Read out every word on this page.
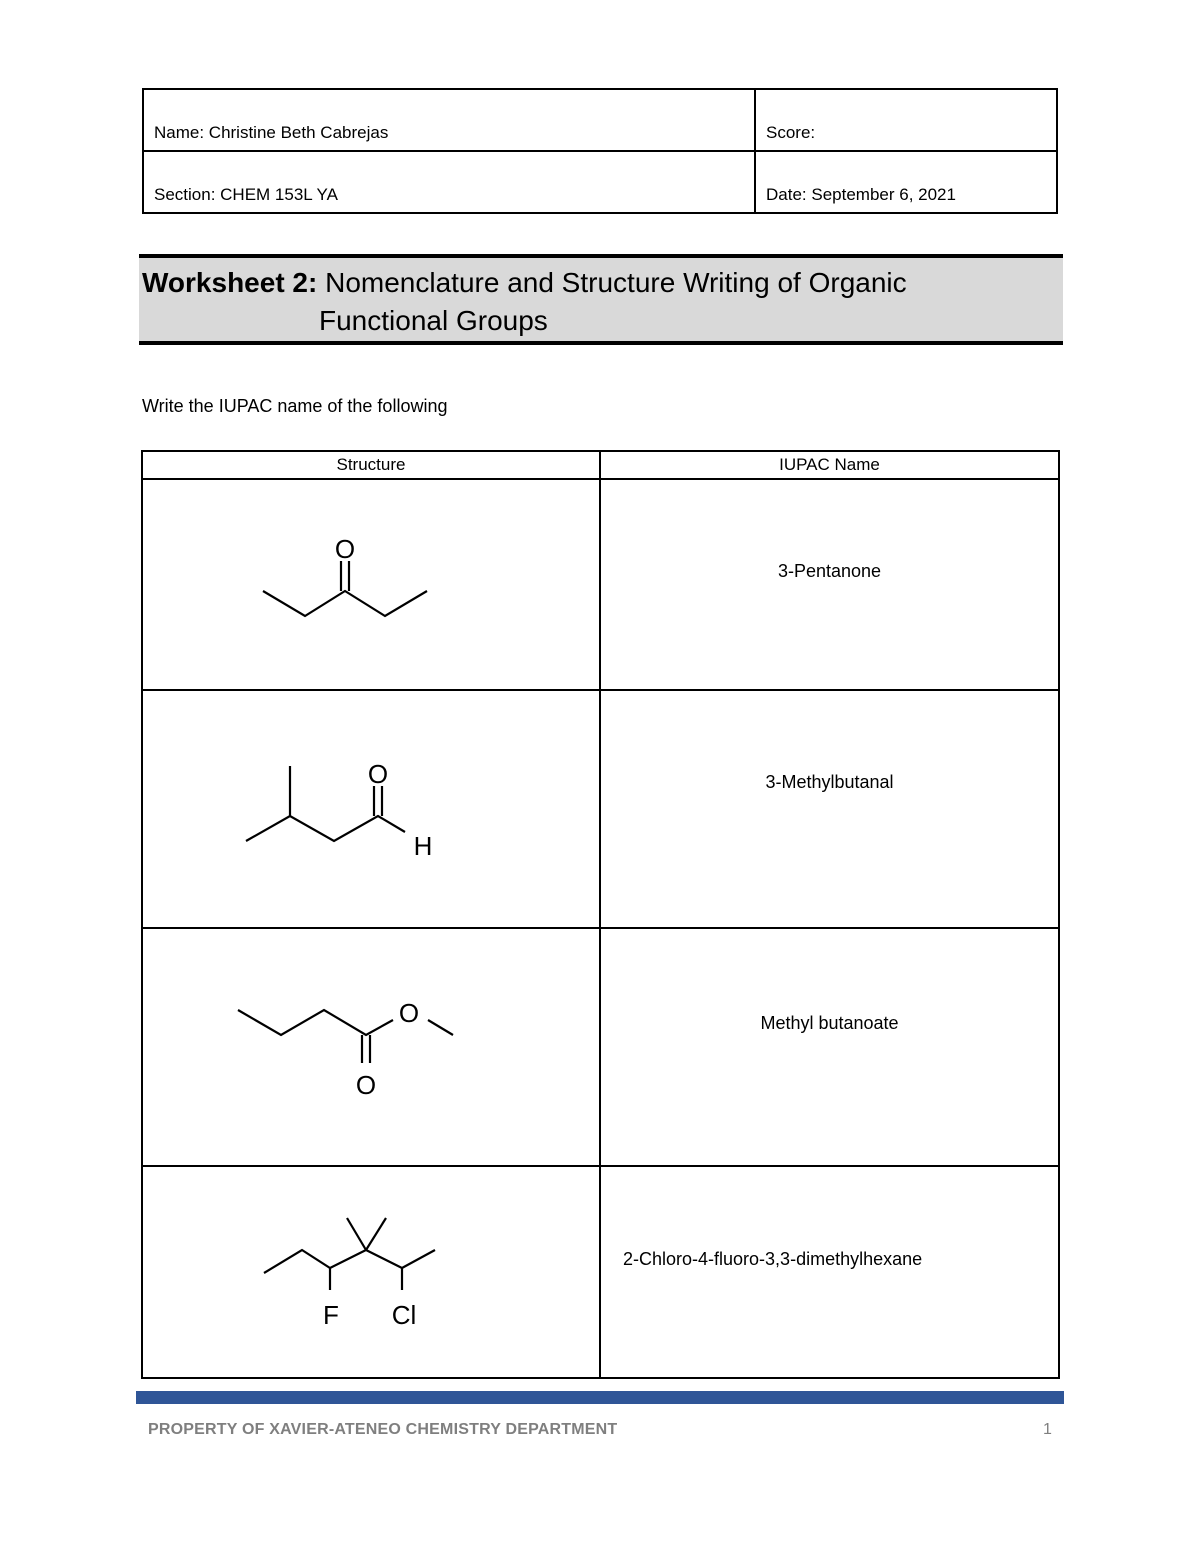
Name: Christine Beth Cabrejas	Score:
Section: CHEM 153L YA	Date: September 6, 2021
Worksheet 2: Nomenclature and Structure Writing of Organic
Functional Groups
Write the IUPAC name of the following
Structure	IUPAC Name

O	3-Pentanone

O
H	3-Methylbutanal

O
O	Methyl butanoate

F Cl	2-Chloro-4-fluoro-3,3-dimethylhexane
PROPERTY OF XAVIER-ATENEO CHEMISTRY DEPARTMENT	1
